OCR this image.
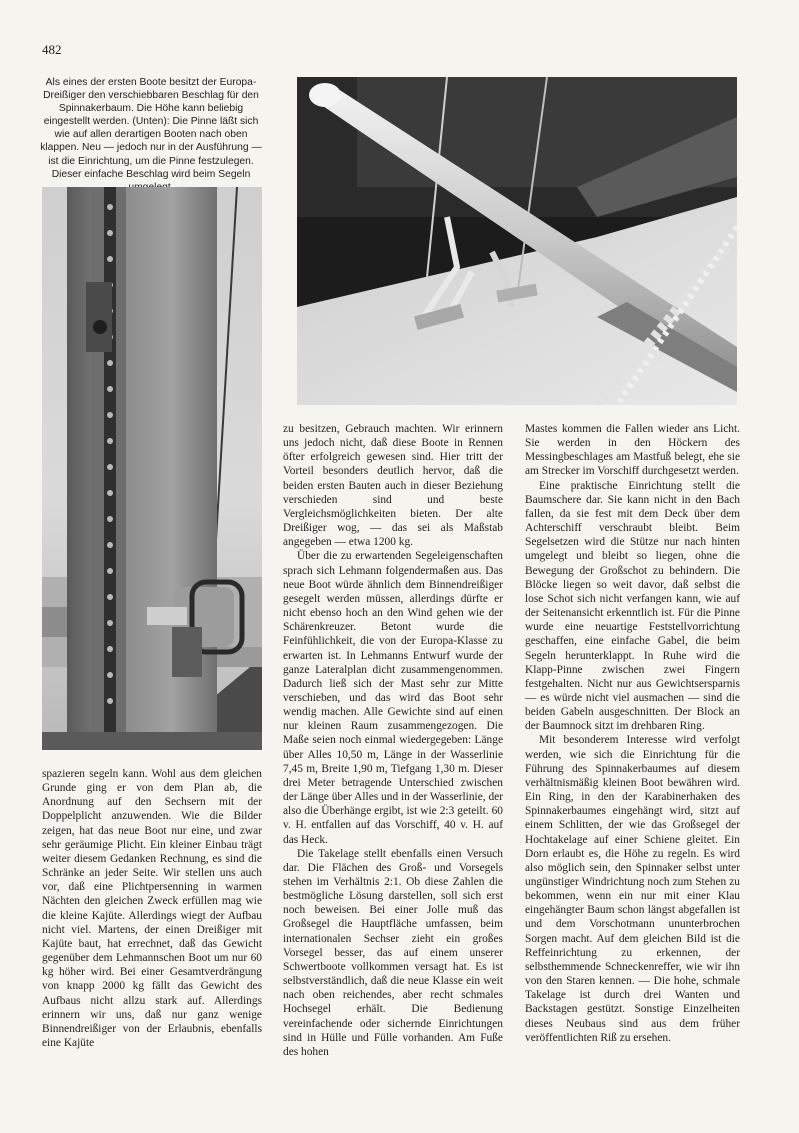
482
Als eines der ersten Boote besitzt der Europa-Dreißiger den verschiebbaren Beschlag für den Spinnakerbaum. Die Höhe kann beliebig eingestellt werden. (Unten): Die Pinne läßt sich wie auf allen derartigen Booten nach oben klappen. Neu — jedoch nur in der Ausführung — ist die Einrichtung, um die Pinne festzulegen. Dieser einfache Beschlag wird beim Segeln

spazieren segeln kann. Wohl aus dem gleichen Grunde ging er von dem Plan ab, die Anordnung auf den Sechsern mit der Doppelplicht anzuwenden. Wie die Bilder zeigen, hat das neue Boot nur eine, und zwar sehr geräumige Plicht. Ein kleiner Einbau trägt weiter diesem Gedanken Rechnung, es sind die Schränke an jeder Seite. Wir stellen uns auch vor, daß eine Plichtpersenning in warmen Nächten den gleichen Zweck erfüllen mag wie die kleine Kajüte. Allerdings wiegt der Aufbau nicht viel. Martens, der einen Dreißiger mit Kajüte baut, hat errechnet, daß das Gewicht gegenüber dem Lehmannschen Boot um nur 60 kg höher wird. Bei einer Gesamtverdrängung von knapp 2000 kg fällt das Gewicht des Aufbaus nicht allzu stark auf. Allerdings erinnern wir uns, daß nur ganz wenige Binnendreißiger von der Erlaubnis, ebenfalls eine Kajüte

zu besitzen, Gebrauch machten. Wir erinnern uns jedoch nicht, daß diese Boote in Rennen öfter erfolgreich gewesen sind. Hier tritt der Vorteil besonders deutlich hervor, daß die beiden ersten Bauten auch in dieser Beziehung verschieden sind und beste Vergleichsmöglichkeiten bieten. Der alte Dreißiger wog, — das sei als Maßstab angegeben — etwa 1200 kg.

Über die zu erwartenden Segeleigenschaften sprach sich Lehmann folgendermaßen aus. Das neue Boot würde ähnlich dem Binnendreißiger gesegelt werden müssen, allerdings dürfte er nicht ebenso hoch an den Wind gehen wie der Schärenkreuzer. Betont wurde die Feinfühlichkeit, die von der Europa-Klasse zu erwarten ist. In Lehmanns Entwurf wurde der ganze Lateralplan dicht zusammengenommen. Dadurch ließ sich der Mast sehr zur Mitte verschieben, und das wird das Boot sehr wendig machen. Alle Gewichte sind auf einen nur kleinen Raum zusammengezogen. Die Maße seien noch einmal wiedergegeben: Länge über Alles 10,50 m, Länge in der Wasserlinie 7,45 m, Breite 1,90 m, Tiefgang 1,30 m. Dieser drei Meter betragende Unterschied zwischen der Länge über Alles und in der Wasserlinie, der also die Überhänge ergibt, ist wie 2:3 geteilt. 60 v. H. entfallen auf das Vorschiff, 40 v. H. auf das Heck.

Die Takelage stellt ebenfalls einen Versuch dar. Die Flächen des Groß- und Vorsegels stehen im Verhältnis 2:1. Ob diese Zahlen die bestmögliche Lösung darstellen, soll sich erst noch beweisen. Bei einer Jolle muß das Großsegel die Hauptfläche umfassen, beim internationalen Sechser zieht ein großes Vorsegel besser, das auf einem unserer Schwertboote vollkommen versagt hat. Es ist selbstverständlich, daß die neue Klasse ein weit nach oben reichendes, aber recht schmales Hochsegel erhält. Die Bedienung vereinfachende oder sichernde Einrichtungen sind in Hülle und Fülle vorhanden. Am Fuße des hohen

Mastes kommen die Fallen wieder ans Licht. Sie werden in den Höckern des Messingbeschlages am Mastfuß belegt, ehe sie am Strecker im Vorschiff durchgesetzt werden.

Eine praktische Einrichtung stellt die Baumschere dar. Sie kann nicht in den Bach fallen, da sie fest mit dem Deck über dem Achterschiff verschraubt bleibt. Beim Segelsetzen wird die Stütze nur nach hinten umgelegt und bleibt so liegen, ohne die Bewegung der Großschot zu behindern. Die Blöcke liegen so weit davor, daß selbst die lose Schot sich nicht verfangen kann, wie auf der Seitenansicht erkenntlich ist. Für die Pinne wurde eine neuartige Feststellvorrichtung geschaffen, eine einfache Gabel, die beim Segeln herunterklappt. In Ruhe wird die Klapp-Pinne zwischen zwei Fingern festgehalten. Nicht nur aus Gewichtsersparnis — es würde nicht viel ausmachen — sind die beiden Gabeln ausgeschnitten. Der Block an der Baumnock sitzt im drehbaren Ring.

Mit besonderem Interesse wird verfolgt werden, wie sich die Einrichtung für die Führung des Spinnakerbaumes auf diesem verhältnismäßig kleinen Boot bewähren wird. Ein Ring, in den der Karabinerhaken des Spinnakerbaumes eingehängt wird, sitzt auf einem Schlitten, der wie das Großsegel der Hochtakelage auf einer Schiene gleitet. Ein Dorn erlaubt es, die Höhe zu regeln. Es wird also möglich sein, den Spinnaker selbst unter ungünstiger Windrichtung noch zum Stehen zu bekommen, wenn ein nur mit einer Klau eingehängter Baum schon längst abgefallen ist und dem Vorschotmann ununterbrochen Sorgen macht. Auf dem gleichen Bild ist die Reffeinrichtung zu erkennen, der selbsthemmende Schneckenreffer, wie wir ihn von den Staren kennen. — Die hohe, schmale Takelage ist durch drei Wanten und Backstagen gestützt. Sonstige Einzelheiten dieses Neubaus sind aus dem früher veröffentlichten Riß zu ersehen.
